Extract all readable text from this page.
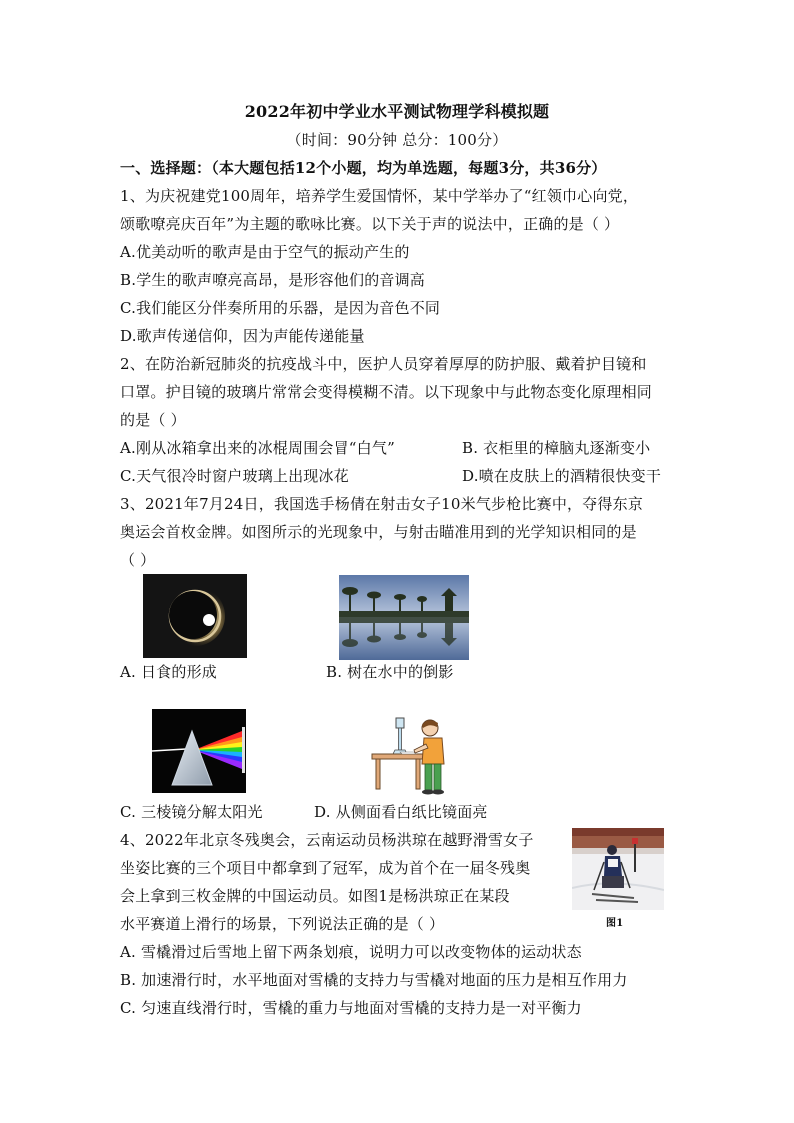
2022年初中学业水平测试物理学科模拟题
（时间：90分钟 总分：100分）
一、选择题：（本大题包括12个小题，均为单选题，每题3分，共36分）
1、为庆祝建党100周年，培养学生爱国情怀，某中学举办了“红领巾心向党，
颂歌嘹亮庆百年”为主题的歌咏比赛。以下关于声的说法中，正确的是（ ）
A.优美动听的歌声是由于空气的振动产生的
B.学生的歌声嘹亮高昂，是形容他们的音调高
C.我们能区分伴奏所用的乐器，是因为音色不同
D.歌声传递信仰，因为声能传递能量
2、在防治新冠肺炎的抗疫战斗中，医护人员穿着厚厚的防护服、戴着护目镜和
口罩。护目镜的玻璃片常常会变得模糊不清。以下现象中与此物态变化原理相同
的是（ ）
A.刚从冰箱拿出来的冰棍周围会冒“白气”	B. 衣柜里的樟脑丸逐渐变小
C.天气很冷时窗户玻璃上出现冰花	D.喷在皮肤上的酒精很快变干
3、2021年7月24日，我国选手杨倩在射击女子10米气步枪比赛中，夺得东京
奥运会首枚金牌。如图所示的光现象中，与射击瞄准用到的光学知识相同的是
（ ）
A. 日食的形成	B. 树在水中的倒影
C. 三棱镜分解太阳光	D. 从侧面看白纸比镜面亮
4、2022年北京冬残奥会，云南运动员杨洪琼在越野滑雪女子
坐姿比赛的三个项目中都拿到了冠军，成为首个在一届冬残奥
会上拿到三枚金牌的中国运动员。如图1是杨洪琼正在某段
水平赛道上滑行的场景，下列说法正确的是（ ）	图1
A. 雪橇滑过后雪地上留下两条划痕，说明力可以改变物体的运动状态
B. 加速滑行时，水平地面对雪橇的支持力与雪橇对地面的压力是相互作用力
C. 匀速直线滑行时，雪橇的重力与地面对雪橇的支持力是一对平衡力
